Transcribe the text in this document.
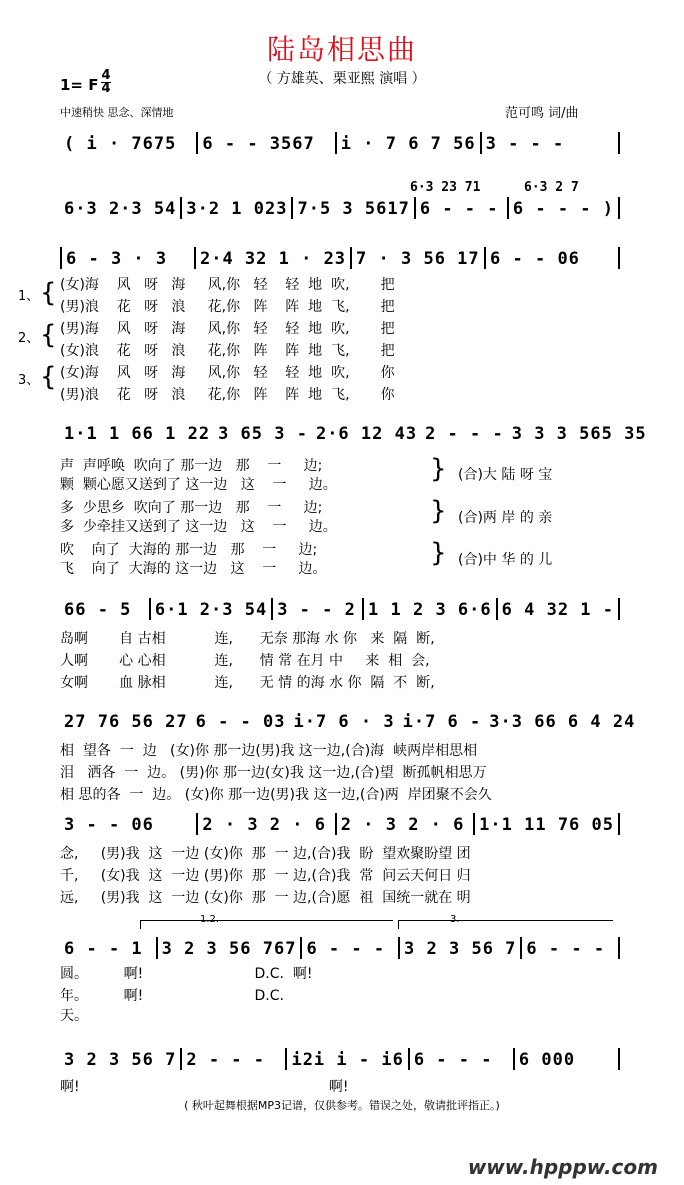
陆岛相思曲
（ 方雄英、栗亚熙 演唱 ）
1= F
4
4
中速稍快 思念、深情地	范可鸣 词/曲
( i · 7675	6 - - 3567	i · 7 6 7 56 3 - - -
6·3 23 71	6·3 2 7
6·3 2·3 54 3·2 1 023 7·5 3 5617 6 - - - 6 - - - )
6 - 3 · 3	2·4 32 1 · 23 7 · 3 56 17 6 - - 06
1、
2、
3、
{
{
{
(女)海    风   呀   海     风,你   轻    轻  地  吹,       把
(男)浪    花   呀   浪     花,你   阵    阵  地  飞,       把
(男)海    风   呀   海     风,你   轻    轻  地  吹,       把
(女)浪    花   呀   浪     花,你   阵    阵  地  飞,       把
(女)海    风   呀   海     风,你   轻    轻  地  吹,       你
(男)浪    花   呀   浪     花,你   阵    阵  地  飞,       你
1·1 1 66 1 22 3 65 3 - 2·6 12 43 2 - - - 3 3 3 565 35
声  声呼唤  吹向了 那一边   那    一     边;
颗  颗心愿又送到了 这一边   这    一     边。
多  少思乡  吹向了 那一边   那    一     边;
多  少牵挂又送到了 这一边   这    一     边。
吹    向了  大海的 那一边   那    一     边;
飞    向了  大海的 这一边   这    一     边。
}
}
}
(合)大 陆 呀 宝
(合)两 岸 的 亲
(合)中 华 的 儿
66 - 5	6·1 2·3 54 3 - - 2 1 1 2 3 6·6 6 4 32 1 -
岛啊       自 古相           连,      无奈 那海 水 你   来  隔  断,
人啊       心 心相           连,      情 常 在月 中     来  相  会,
女啊       血 脉相           连,      无 情 的海 水 你  隔  不  断,
27 76 56 27 6 - - 03 i·7 6 · 3 i·7 6 - 3·3 66 6 4 24
相  望各  一  边   (女)你 那一边(男)我 这一边,(合)海  峡两岸相思相
泪   洒各  一  边。 (男)你 那一边(女)我 这一边,(合)望  断孤帆相思万
相 思的各  一  边。 (女)你 那一边(男)我 这一边,(合)两  岸团聚不会久
3 - - 06	2 · 3 2 · 6 2 · 3 2 · 6 1·1 11 76 05
念,     (男)我  这  一边 (女)你  那  一 边,(合)我  盼  望欢聚盼望 团
千,     (女)我  这  一边 (男)你  那  一 边,(合)我  常  问云天何日 归
远,     (男)我  这  一边 (女)你  那  一 边,(合)愿  祖  国统一就在 明
1.2.	3.
6 - - 1	3 2 3 56 767 6 - - -	3 2 3 56 7 6 - - -
圆。        啊!                         D.C.  啊!
年。        啊!                         D.C.
天。
3 2 3 56 7 2 - - -	i2i i - i6 6 - - -	6 000
啊!                                                        啊!
( 秋叶起舞根据MP3记谱，仅供参考。错误之处，敬请批评指正。)
www.hpppw.com
